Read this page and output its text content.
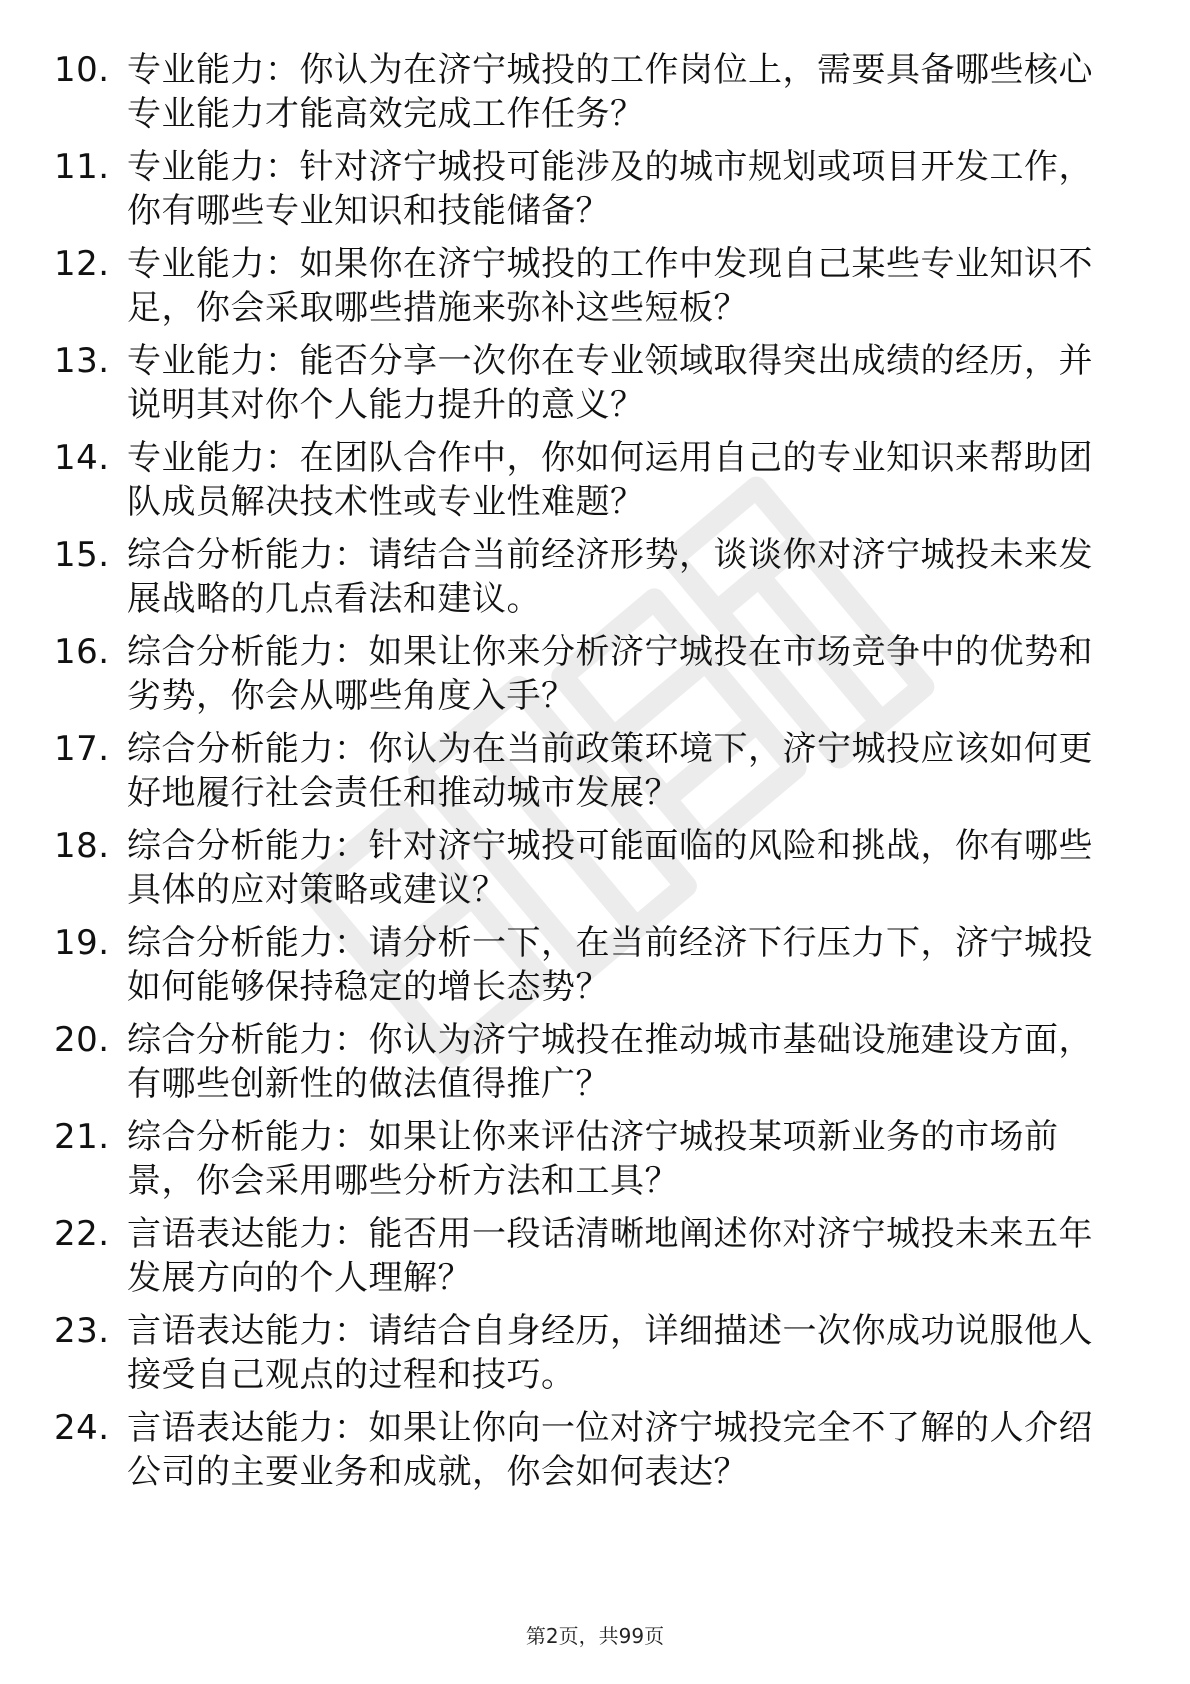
10. 专业能力：你认为在济宁城投的工作岗位上，需要具备哪些核心
专业能力才能高效完成工作任务？
11. 专业能力：针对济宁城投可能涉及的城市规划或项目开发工作，
你有哪些专业知识和技能储备？
12. 专业能力：如果你在济宁城投的工作中发现自己某些专业知识不
足，你会采取哪些措施来弥补这些短板？
13. 专业能力：能否分享一次你在专业领域取得突出成绩的经历，并
说明其对你个人能力提升的意义？
14. 专业能力：在团队合作中，你如何运用自己的专业知识来帮助团
队成员解决技术性或专业性难题？
15. 综合分析能力：请结合当前经济形势，谈谈你对济宁城投未来发
展战略的几点看法和建议。
16. 综合分析能力：如果让你来分析济宁城投在市场竞争中的优势和
劣势，你会从哪些角度入手？
17. 综合分析能力：你认为在当前政策环境下，济宁城投应该如何更
好地履行社会责任和推动城市发展？
18. 综合分析能力：针对济宁城投可能面临的风险和挑战，你有哪些
具体的应对策略或建议？
19. 综合分析能力：请分析一下，在当前经济下行压力下，济宁城投
如何能够保持稳定的增长态势？
20. 综合分析能力：你认为济宁城投在推动城市基础设施建设方面，
有哪些创新性的做法值得推广？
21. 综合分析能力：如果让你来评估济宁城投某项新业务的市场前
景，你会采用哪些分析方法和工具？
22. 言语表达能力：能否用一段话清晰地阐述你对济宁城投未来五年
发展方向的个人理解？
23. 言语表达能力：请结合自身经历，详细描述一次你成功说服他人
接受自己观点的过程和技巧。
24. 言语表达能力：如果让你向一位对济宁城投完全不了解的人介绍
公司的主要业务和成就，你会如何表达？
第2页，共99页
